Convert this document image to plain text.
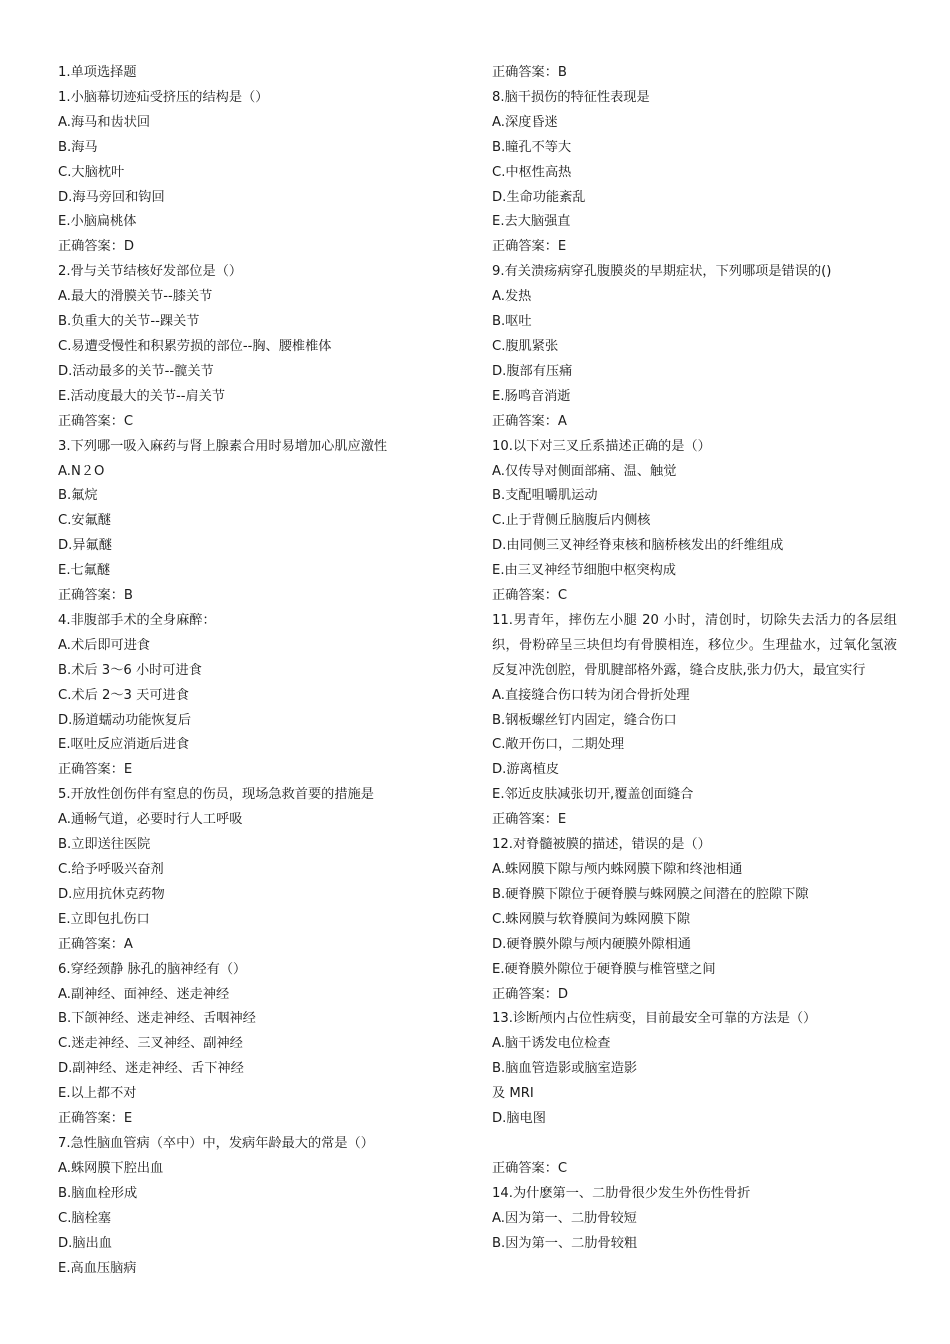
1.单项选择题
1.小脑幕切迹疝受挤压的结构是（）
A.海马和齿状回
B.海马
C.大脑枕叶
D.海马旁回和钩回
E.小脑扁桃体
正确答案：D
2.骨与关节结核好发部位是（）
A.最大的滑膜关节--膝关节
B.负重大的关节--踝关节
C.易遭受慢性和积累劳损的部位--胸、腰椎椎体
D.活动最多的关节--髋关节
E.活动度最大的关节--肩关节
正确答案：C
3.下列哪一吸入麻药与肾上腺素合用时易增加心肌应激性
A.N２O
B.氟烷
C.安氟醚
D.异氟醚
E.七氟醚
正确答案：B
4.非腹部手术的全身麻醉：
A.术后即可进食
B.术后 3～6 小时可进食
C.术后 2～3 天可进食
D.肠道蠕动功能恢复后
E.呕吐反应消逝后进食
正确答案：E
5.开放性创伤伴有窒息的伤员，现场急救首要的措施是
A.通畅气道，必要时行人工呼吸
B.立即送往医院
C.给予呼吸兴奋剂
D.应用抗休克药物
E.立即包扎伤口
正确答案：A
6.穿经颈静 脉孔的脑神经有（）
A.副神经、面神经、迷走神经
B.下颌神经、迷走神经、舌咽神经
C.迷走神经、三叉神经、副神经
D.副神经、迷走神经、舌下神经
E.以上都不对
正确答案：E
7.急性脑血管病（卒中）中，发病年龄最大的常是（）
A.蛛网膜下腔出血
B.脑血栓形成
C.脑栓塞
D.脑出血
E.高血压脑病
正确答案：B
8.脑干损伤的特征性表现是
A.深度昏迷
B.瞳孔不等大
C.中枢性高热
D.生命功能紊乱
E.去大脑强直
正确答案：E
9.有关溃疡病穿孔腹膜炎的早期症状，下列哪项是错误的()
A.发热
B.呕吐
C.腹肌紧张
D.腹部有压痛
E.肠鸣音消逝
正确答案：A
10.以下对三叉丘系描述正确的是（）
A.仅传导对侧面部痛、温、触觉
B.支配咀嚼肌运动
C.止于背侧丘脑腹后内侧核
D.由同侧三叉神经脊束核和脑桥核发出的纤维组成
E.由三叉神经节细胞中枢突构成
正确答案：C
11.男青年，摔伤左小腿 20 小时，清创时，切除失去活力的各层组织，骨粉碎呈三块但均有骨膜相连，移位少。生理盐水，过氧化氢液反复冲洗创腔，骨肌腱部格外露，缝合皮肤,张力仍大，最宜实行
A.直接缝合伤口转为闭合骨折处理
B.钢板螺丝钉内固定，缝合伤口
C.敞开伤口，二期处理
D.游离植皮
E.邻近皮肤减张切开,覆盖创面缝合
正确答案：E
12.对脊髓被膜的描述，错误的是（）
A.蛛网膜下隙与颅内蛛网膜下隙和终池相通
B.硬脊膜下隙位于硬脊膜与蛛网膜之间潜在的腔隙下隙
C.蛛网膜与软脊膜间为蛛网膜下隙
D.硬脊膜外隙与颅内硬膜外隙相通
E.硬脊膜外隙位于硬脊膜与椎管壁之间
正确答案：D
13.诊断颅内占位性病变，目前最安全可靠的方法是（）
A.脑干诱发电位检查
B.脑血管造影或脑室造影
及 MRI
D.脑电图
正确答案：C
14.为什麽第一、二肋骨很少发生外伤性骨折
A.因为第一、二肋骨较短
B.因为第一、二肋骨较粗
